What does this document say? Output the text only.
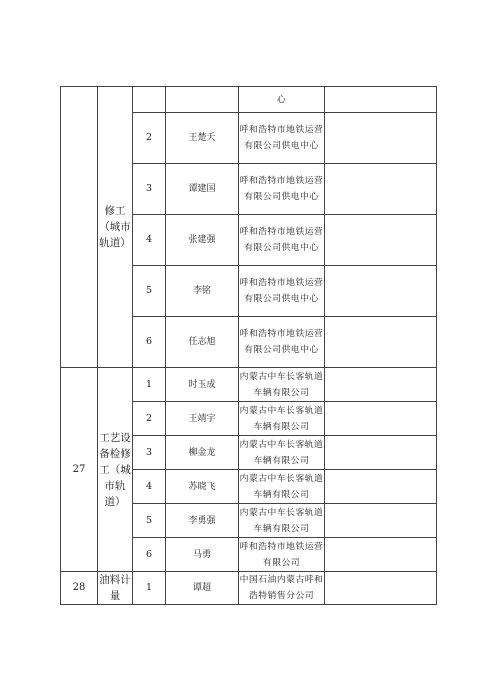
	修工（城市轨道）			心	
		2	王楚夭	呼和浩特市地铁运营有限公司供电中心	
		3	谭建国	呼和浩特市地铁运营有限公司供电中心	
		4	张建强	呼和浩特市地铁运营有限公司供电中心	
		5	李铭	呼和浩特市地铁运营有限公司供电中心	
		6	任志旭	呼和浩特市地铁运营有限公司供电中心	
27	工艺设备检修工（城市轨道）	1	时玉成	内蒙古中车长客轨道车辆有限公司	
		2	王靖宇	内蒙古中车长客轨道车辆有限公司	
		3	柳金龙	内蒙古中车长客轨道车辆有限公司	
		4	苏晓飞	内蒙古中车长客轨道车辆有限公司	
		5	李勇强	内蒙古中车长客轨道车辆有限公司	
		6	马勇	呼和浩特市地铁运营有限公司	
28	油料计量	1	谭超	中国石油内蒙古呼和浩特销售分公司	
